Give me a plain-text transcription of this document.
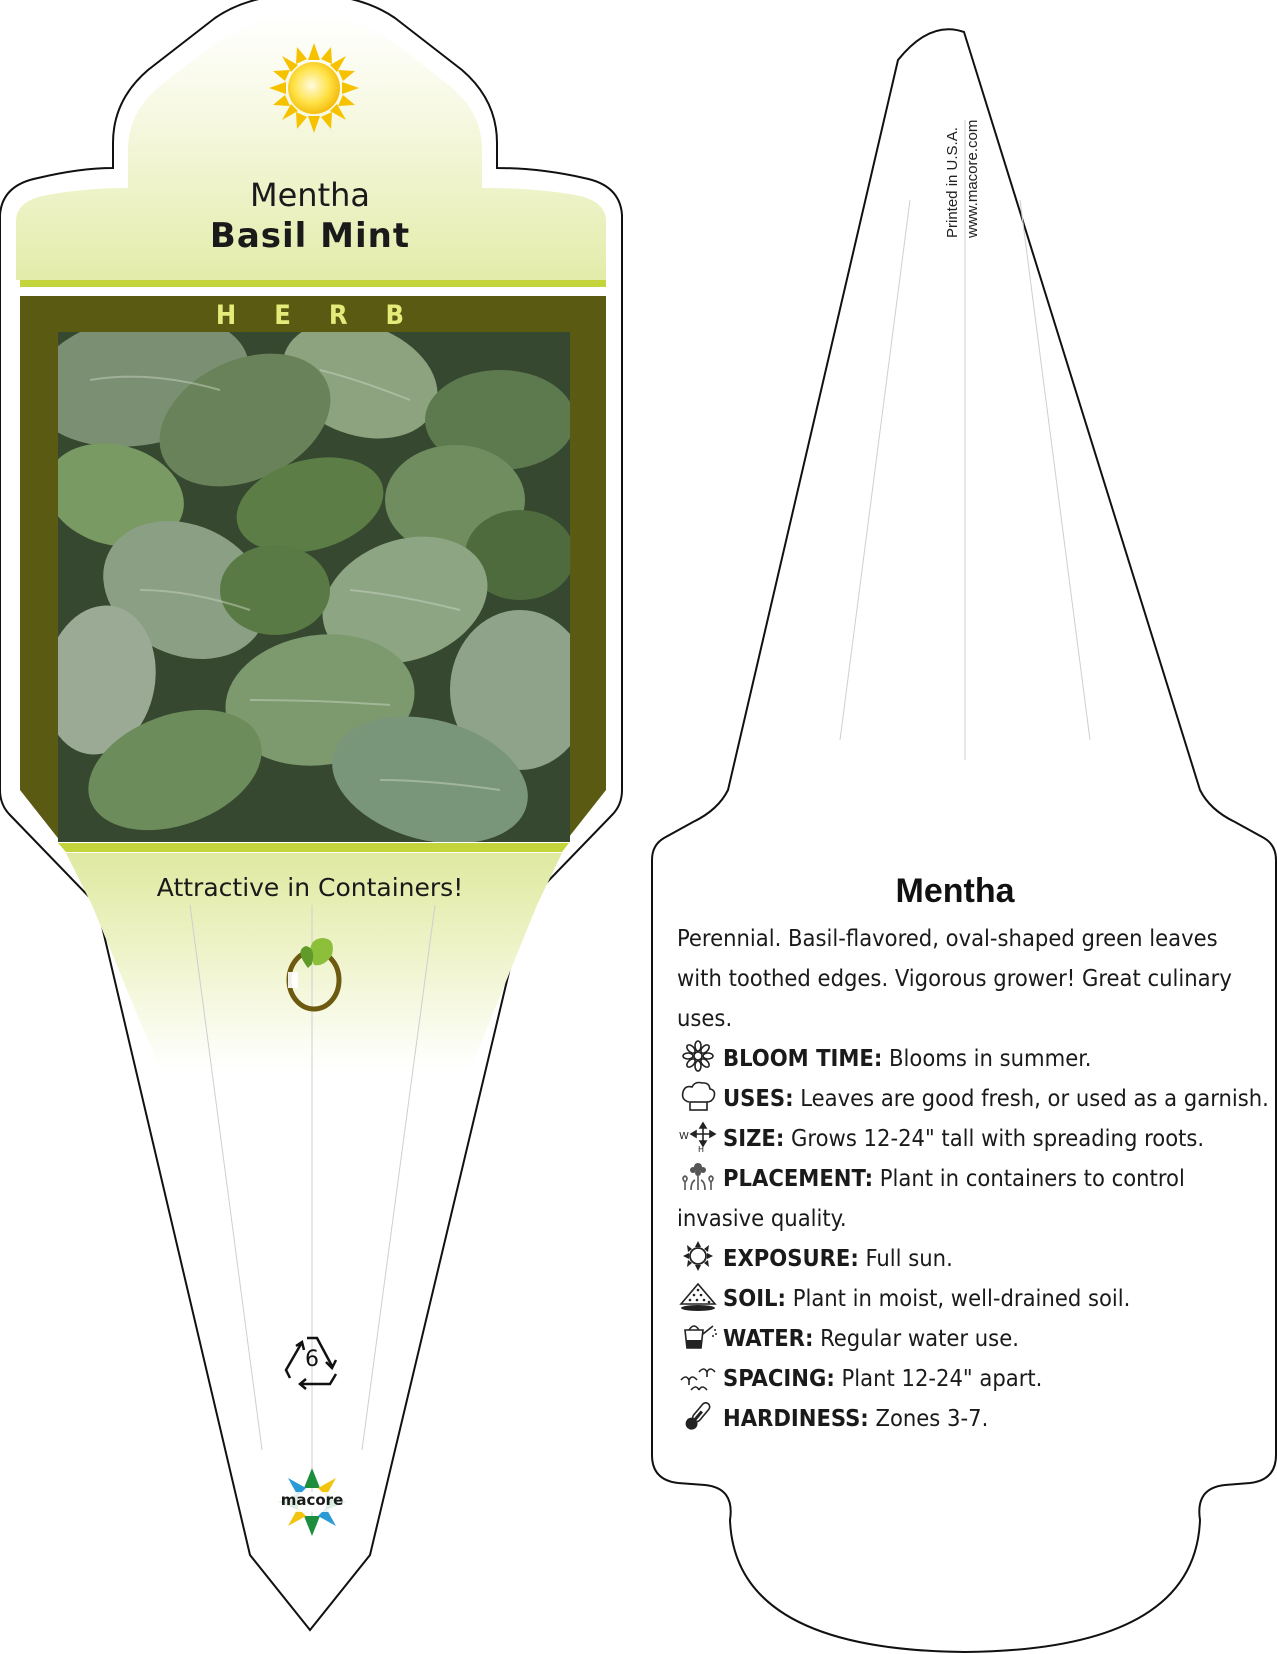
Mentha
Basil Mint
HERB
Attractive in Containers!
6
macore
Printed in U.S.A. www.macore.com
Mentha

Perennial. Basil-flavored, oval-shaped green leaves with toothed edges. Vigorous grower! Great culinary uses.

BLOOM TIME: Blooms in summer.
USES: Leaves are good fresh, or used as a garnish.
W
H SIZE: Grows 12-24" tall with spreading roots.
PLACEMENT: Plant in containers to control invasive quality.
EXPOSURE: Full sun.
SOIL: Plant in moist, well-drained soil.
WATER: Regular water use.
SPACING: Plant 12-24" apart.
HARDINESS: Zones 3-7.
